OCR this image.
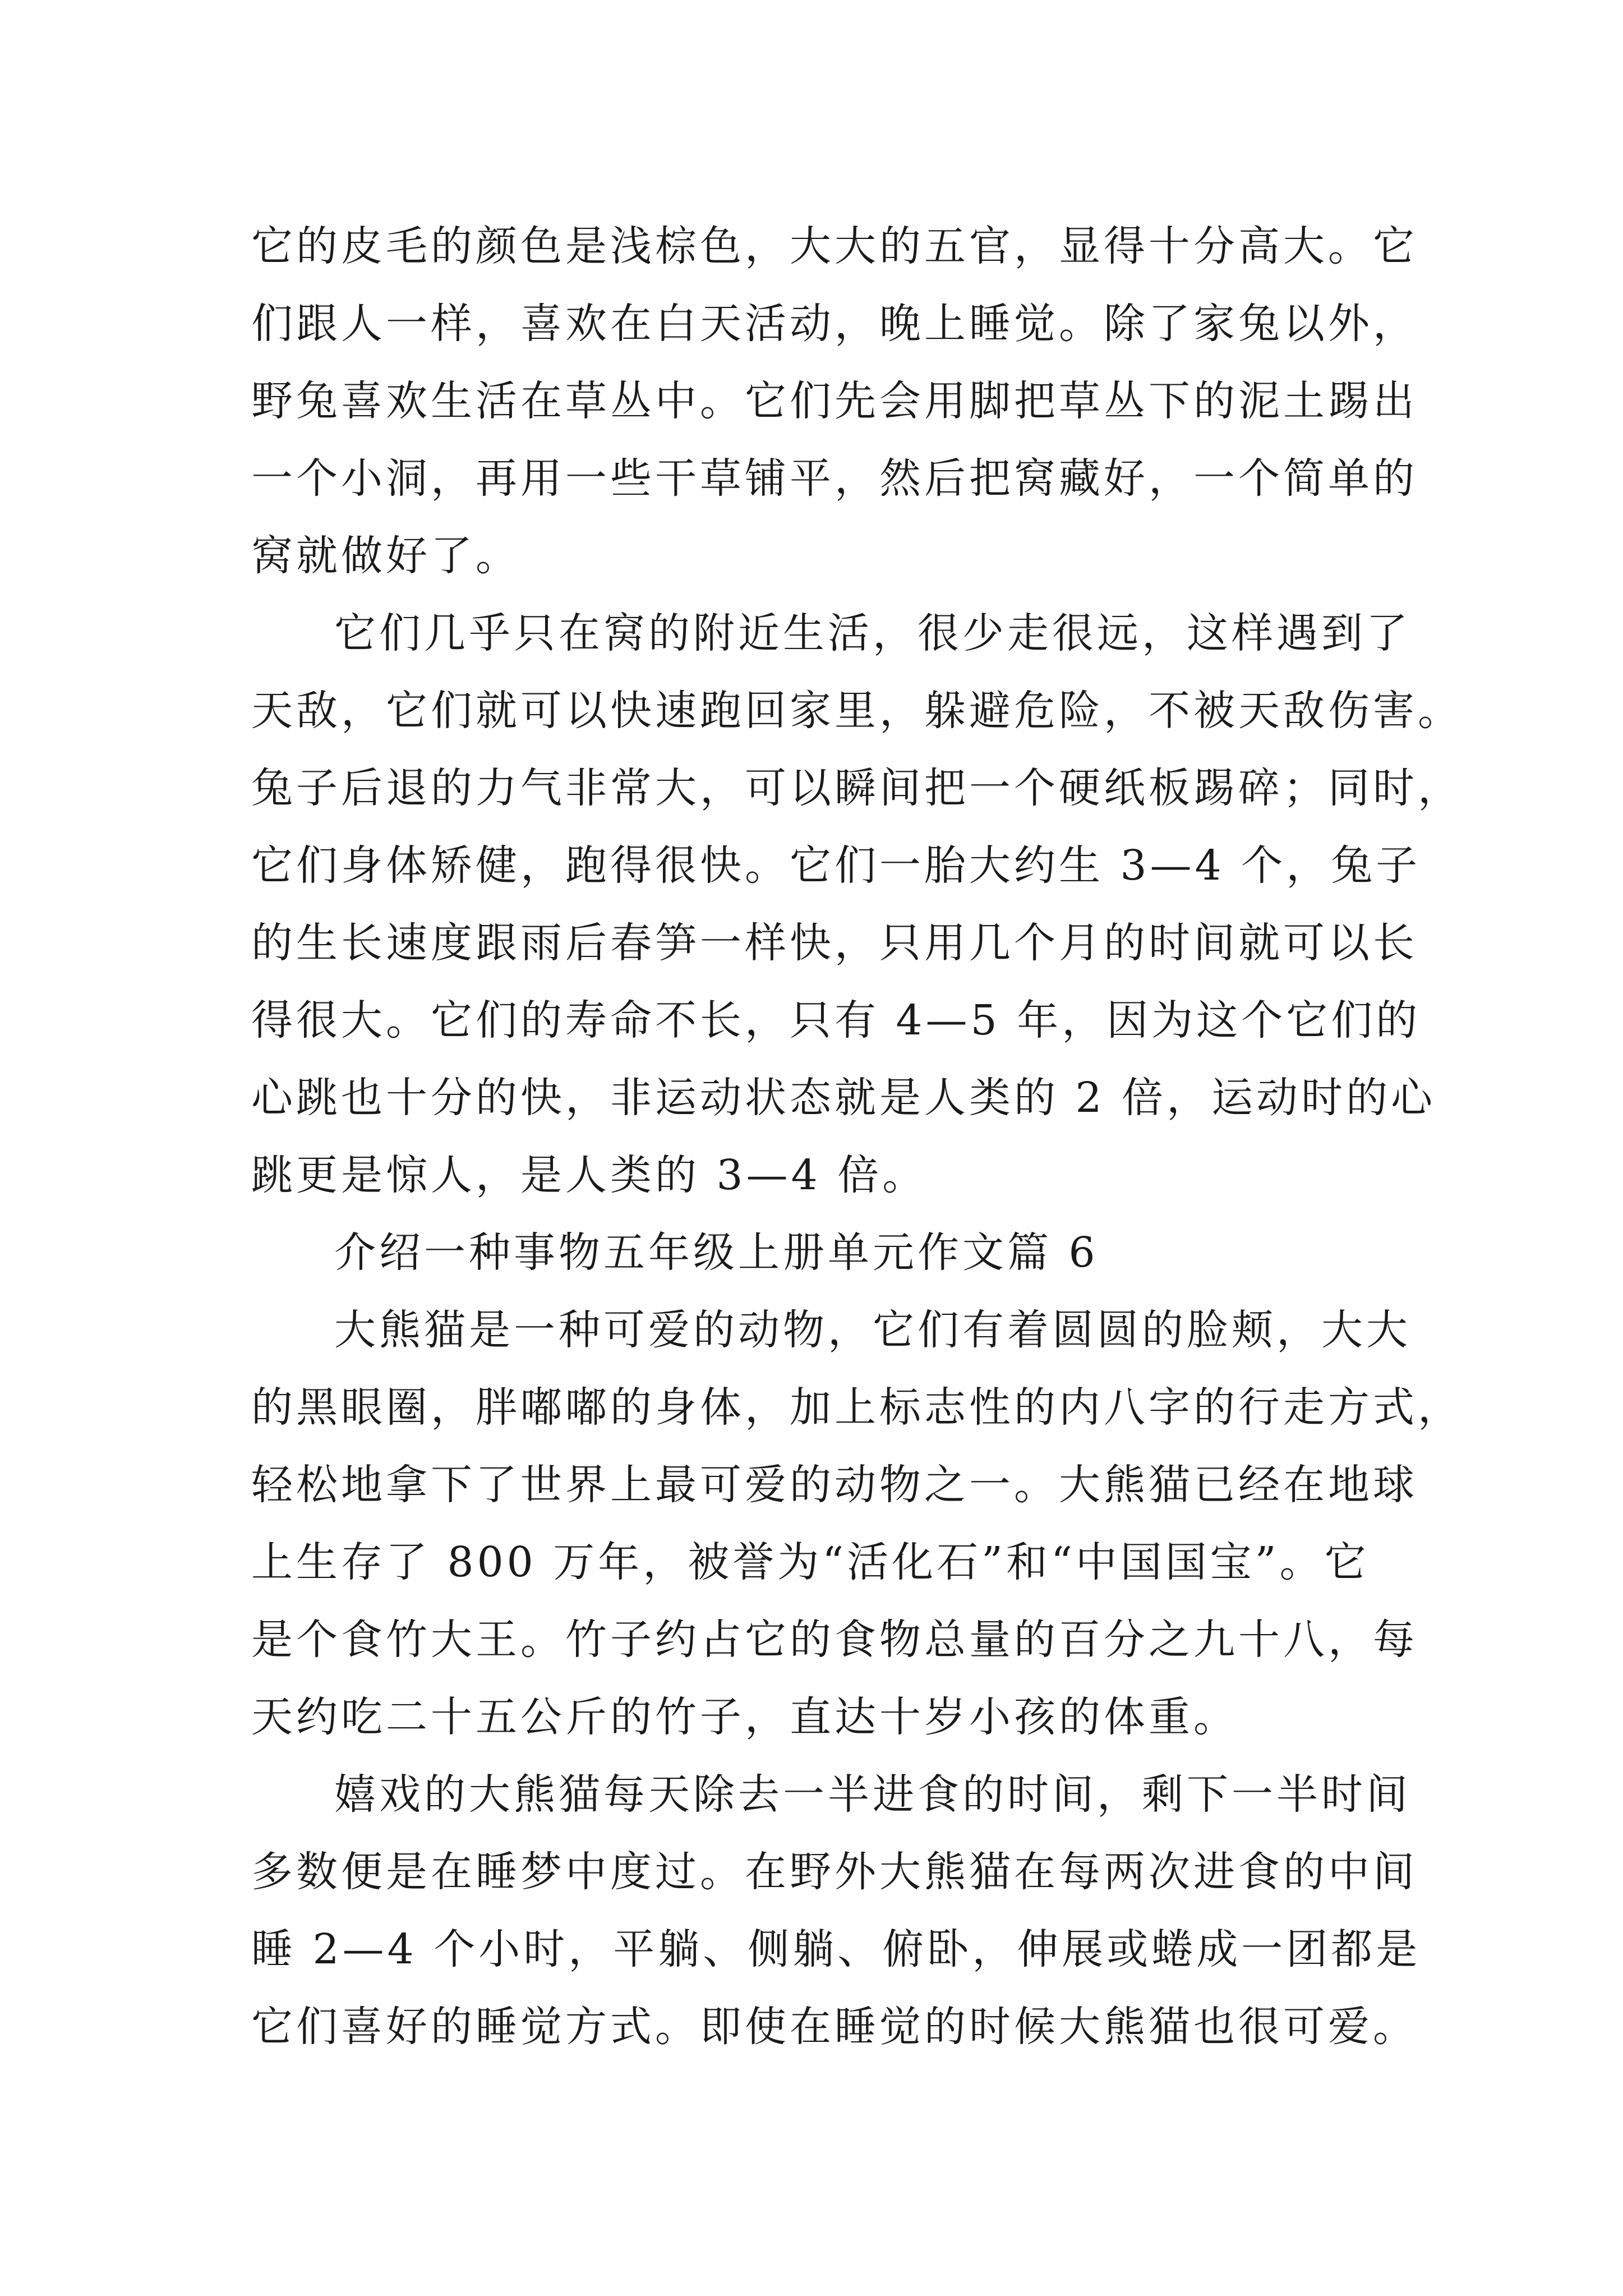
它的皮毛的颜色是浅棕色，大大的五官，显得十分高大。它
们跟人一样，喜欢在白天活动，晚上睡觉。除了家兔以外，
野兔喜欢生活在草丛中。它们先会用脚把草丛下的泥土踢出
一个小洞，再用一些干草铺平，然后把窝藏好，一个简单的
窝就做好了。
它们几乎只在窝的附近生活，很少走很远，这样遇到了
天敌，它们就可以快速跑回家里，躲避危险，不被天敌伤害。
兔子后退的力气非常大，可以瞬间把一个硬纸板踢碎；同时，
它们身体矫健，跑得很快。它们一胎大约生 3—4 个，兔子
的生长速度跟雨后春笋一样快，只用几个月的时间就可以长
得很大。它们的寿命不长，只有 4—5 年，因为这个它们的
心跳也十分的快，非运动状态就是人类的 2 倍，运动时的心
跳更是惊人，是人类的 3—4 倍。
介绍一种事物五年级上册单元作文篇 6
大熊猫是一种可爱的动物，它们有着圆圆的脸颊，大大
的黑眼圈，胖嘟嘟的身体，加上标志性的内八字的行走方式，
轻松地拿下了世界上最可爱的动物之一。大熊猫已经在地球
上生存了 800 万年，被誉为“活化石”和“中国国宝”。它
是个食竹大王。竹子约占它的食物总量的百分之九十八，每
天约吃二十五公斤的竹子，直达十岁小孩的体重。
嬉戏的大熊猫每天除去一半进食的时间，剩下一半时间
多数便是在睡梦中度过。在野外大熊猫在每两次进食的中间
睡 2—4 个小时，平躺、侧躺、俯卧，伸展或蜷成一团都是
它们喜好的睡觉方式。即使在睡觉的时候大熊猫也很可爱。
